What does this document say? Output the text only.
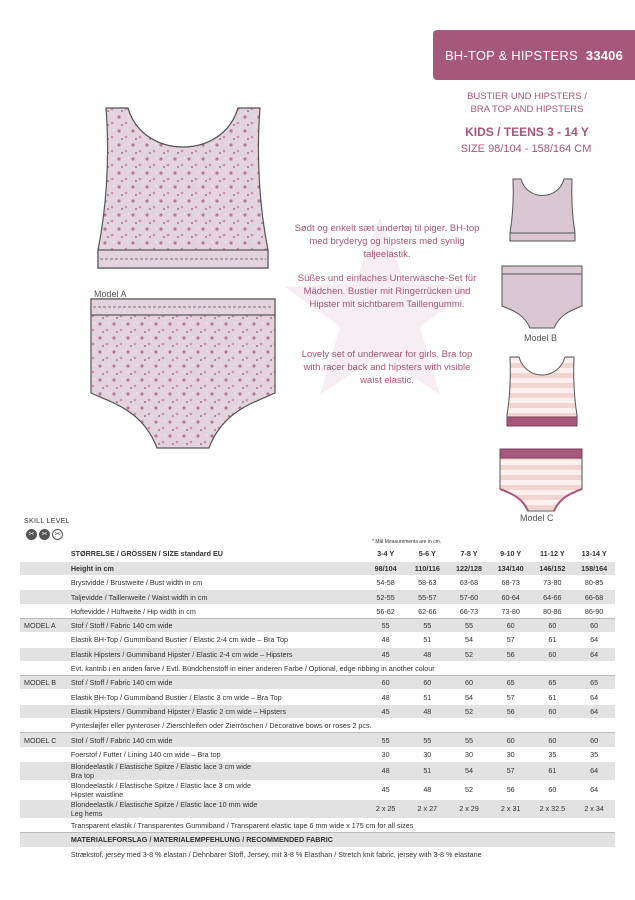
BH-TOP & HIPSTERS 33406
BUSTIER UND HIPSTERS /
BRA TOP AND HIPSTERS
KIDS / TEENS 3 - 14 Y
SIZE 98/104 - 158/164 CM
Model A
Sødt og enkelt sæt undertøj til piger. BH-top med bryderyg og hipsters med synlig taljeelastik.
Süßes und einfaches Unterwäsche-Set für Mädchen. Bustier mit Ringerrücken und Hipster mit sichtbarem Taillengummi.
Lovely set of underwear for girls. Bra top with racer back and hipsters with visible waist elastic.
Model B
Model C
SKILL LEVEL
✂	✂	✂
* Mål Measurements are in cm.
	STØRRELSE / GRÖSSEN / SIZE standard EU	3-4 Y	5-6 Y	7-8 Y	9-10 Y	11-12 Y	13-14 Y
	Height in cm	98/104	110/116	122/128	134/140	146/152	158/164
	Brystvidde / Brustweite / Bust width in cm	54-58	58-63	63-68	68-73	73-80	80-85
	Taljevidde / Taillenweite / Waist width in cm	52-55	55-57	57-60	60-64	64-66	66-68
	Hoftevidde / Hüftweite / Hip width in cm	56-62	62-66	66-73	73-80	80-86	86-90
MODEL A	Stof / Stoff / Fabric 140 cm wide	55	55	55	60	60	60
	Elastik BH-Top / Gummiband Bustier / Elastic 2-4 cm wide – Bra Top	48	51	54	57	61	64
	Elastik Hipsters / Gummiband Hipster / Elastic 2-4 cm wide – Hipsters	45	48	52	56	60	64
	Evt. kantrib i en anden farve / Evtl. Bündchenstoff in einer anderen Farbe / Optional, edge ribbing in another colour						
MODEL B	Stof / Stoff / Fabric 140 cm wide	60	60	60	65	65	65
	Elastik BH-Top / Gummiband Bustier / Elastic 3 cm wide – Bra Top	48	51	54	57	61	64
	Elastik Hipsters / Gummiband Hipster / Elastic 2 cm wide – Hipsters	45	48	52	56	60	64
	Pyntesløjfer eller pynteroser / Zierschleifen oder Zierröschen / Decorative bows or roses 2 pcs.						
MODEL C	Stof / Stoff / Fabric 140 cm wide	55	55	55	60	60	60
	Foerstof / Futter / Lining 140 cm wide – Bra top	30	30	30	30	35	35
	Blondeelastik / Elastische Spitze / Elastic lace 3 cm wide
Bra top	48	51	54	57	61	64
	Blondeelastik / Elastische Spitze / Elastic lace 3 cm wide
Hipster waistline	45	48	52	56	60	64
	Blondeelastik / Elastische Spitze / Elastic lace 10 mm wide
Leg hems	2 x 25	2 x 27	2 x 29	2 x 31	2 x 32.5	2 x 34
	Transparent elastik / Transparentes Gummiband / Transparent elastic tape 6 mm wide x 175 cm for all sizes						
	MATERIALEFORSLAG / MATERIALEMPFEHLUNG / RECOMMENDED FABRIC						
	Strækstof, jersey med 3-8 % elastan / Dehnbarer Stoff, Jersey, mit 3-8 % Elasthan / Stretch knit fabric, jersey with 3-8 % elastane						
